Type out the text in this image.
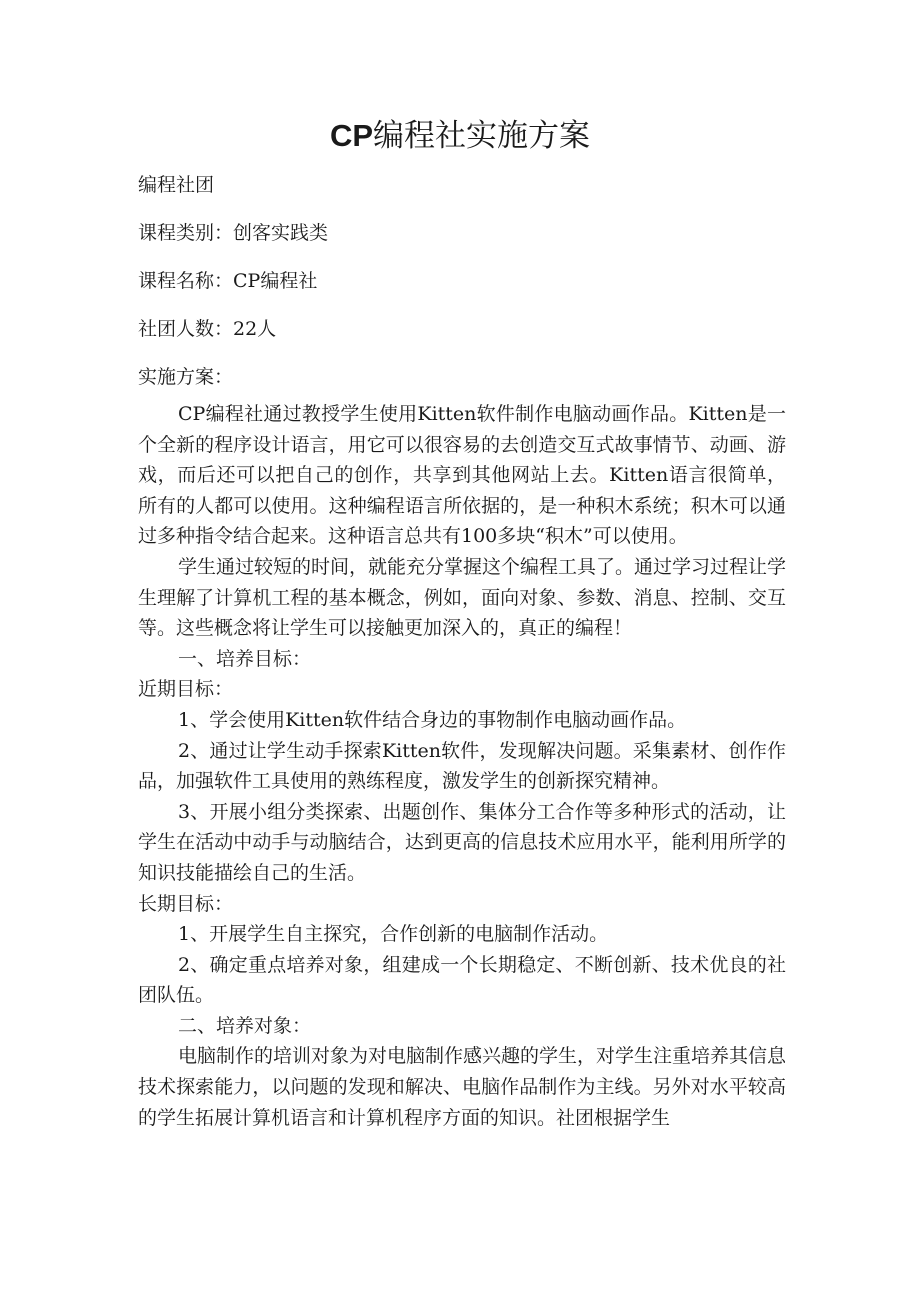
CP编程社实施方案

编程社团

课程类别：创客实践类

课程名称：CP编程社

社团人数：22人

实施方案：

CP编程社通过教授学生使用Kitten软件制作电脑动画作品。Kitten是一个全新的程序设计语言，用它可以很容易的去创造交互式故事情节、动画、游戏，而后还可以把自己的创作，共享到其他网站上去。Kitten语言很简单，所有的人都可以使用。这种编程语言所依据的，是一种积木系统；积木可以通过多种指令结合起来。这种语言总共有100多块“积木”可以使用。

学生通过较短的时间，就能充分掌握这个编程工具了。通过学习过程让学生理解了计算机工程的基本概念，例如，面向对象、参数、消息、控制、交互等。这些概念将让学生可以接触更加深入的，真正的编程！

一、培养目标：

近期目标：

1、学会使用Kitten软件结合身边的事物制作电脑动画作品。

2、通过让学生动手探索Kitten软件，发现解决问题。采集素材、创作作品，加强软件工具使用的熟练程度，激发学生的创新探究精神。

3、开展小组分类探索、出题创作、集体分工合作等多种形式的活动，让学生在活动中动手与动脑结合，达到更高的信息技术应用水平，能利用所学的知识技能描绘自己的生活。

长期目标：

1、开展学生自主探究，合作创新的电脑制作活动。

2、确定重点培养对象，组建成一个长期稳定、不断创新、技术优良的社团队伍。

二、培养对象：

电脑制作的培训对象为对电脑制作感兴趣的学生，对学生注重培养其信息技术探索能力，以问题的发现和解决、电脑作品制作为主线。另外对水平较高的学生拓展计算机语言和计算机程序方面的知识。社团根据学生
